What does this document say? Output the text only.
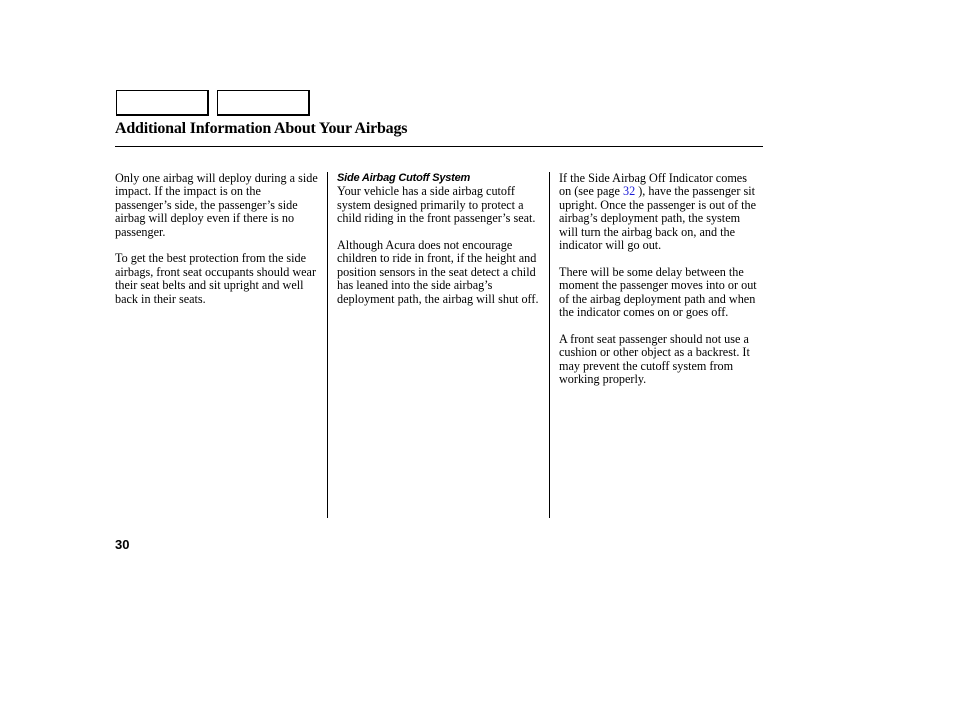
Additional Information About Your Airbags

Only one airbag will deploy during a side impact. If the impact is on the passenger’s side, the passenger’s side airbag will deploy even if there is no passenger.

To get the best protection from the side airbags, front seat occupants should wear their seat belts and sit upright and well back in their seats.

Side Airbag Cutoff System

Your vehicle has a side airbag cutoff system designed primarily to protect a child riding in the front passenger’s seat.

Although Acura does not encourage children to ride in front, if the height and position sensors in the seat detect a child has leaned into the side airbag’s deployment path, the airbag will shut off.

If the Side Airbag Off Indicator comes on (see page 32 ), have the passenger sit upright. Once the passenger is out of the airbag’s deployment path, the system will turn the airbag back on, and the indicator will go out.

There will be some delay between the moment the passenger moves into or out of the airbag deployment path and when the indicator comes on or goes off.

A front seat passenger should not use a cushion or other object as a backrest. It may prevent the cutoff system from working properly.

30
